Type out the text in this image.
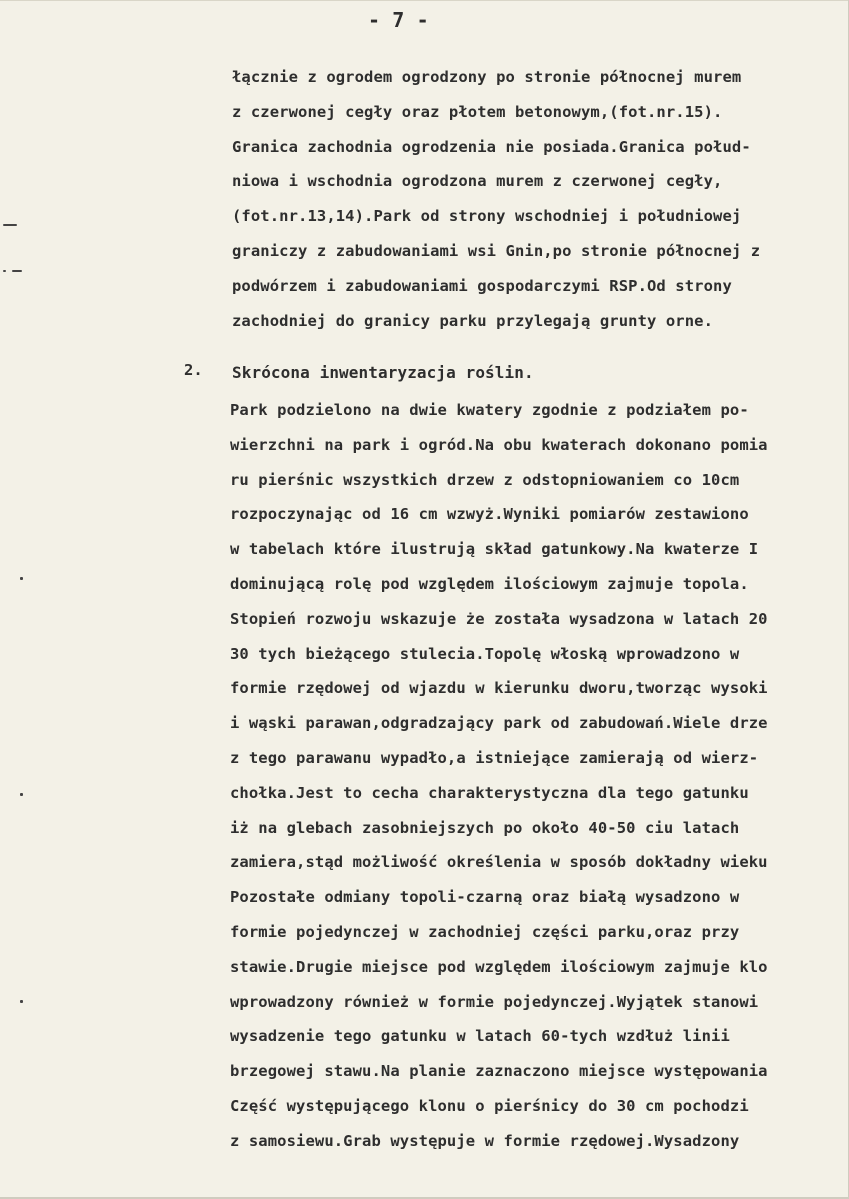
- 7 -
łącznie z ogrodem ogrodzony po stronie północnej murem
z czerwonej cegły oraz płotem betonowym,(fot.nr.15).
Granica zachodnia ogrodzenia nie posiada.Granica połud-
niowa i wschodnia ogrodzona murem z czerwonej cegły,
(fot.nr.13,14).Park od strony wschodniej i południowej
graniczy z zabudowaniami wsi Gnin,po stronie północnej z
podwórzem i zabudowaniami gospodarczymi RSP.Od strony
zachodniej do granicy parku przylegają grunty orne.
2. Skrócona inwentaryzacja roślin.
Park podzielono na dwie kwatery zgodnie z podziałem po-
wierzchni na park i ogród.Na obu kwaterach dokonano pomia
ru pierśnic wszystkich drzew z odstopniowaniem co 10cm
rozpoczynając od 16 cm wzwyż.Wyniki pomiarów zestawiono
w tabelach które ilustrują skład gatunkowy.Na kwaterze I
dominującą rolę pod względem ilościowym zajmuje topola.
Stopień rozwoju wskazuje że została wysadzona w latach 20
30 tych bieżącego stulecia.Topolę włoską wprowadzono w
formie rzędowej od wjazdu w kierunku dworu,tworząc wysoki
i wąski parawan,odgradzający park od zabudowań.Wiele drze
z tego parawanu wypadło,a istniejące zamierają od wierz-
chołka.Jest to cecha charakterystyczna dla tego gatunku
iż na glebach zasobniejszych po około 40-50 ciu latach
zamiera,stąd możliwość określenia w sposób dokładny wieku
Pozostałe odmiany topoli-czarną oraz białą wysadzono w
formie pojedynczej w zachodniej części parku,oraz przy
stawie.Drugie miejsce pod względem ilościowym zajmuje klo
wprowadzony również w formie pojedynczej.Wyjątek stanowi
wysadzenie tego gatunku w latach 60-tych wzdłuż linii
brzegowej stawu.Na planie zaznaczono miejsce występowania
Część występującego klonu o pierśnicy do 30 cm pochodzi
z samosiewu.Grab występuje w formie rzędowej.Wysadzony
